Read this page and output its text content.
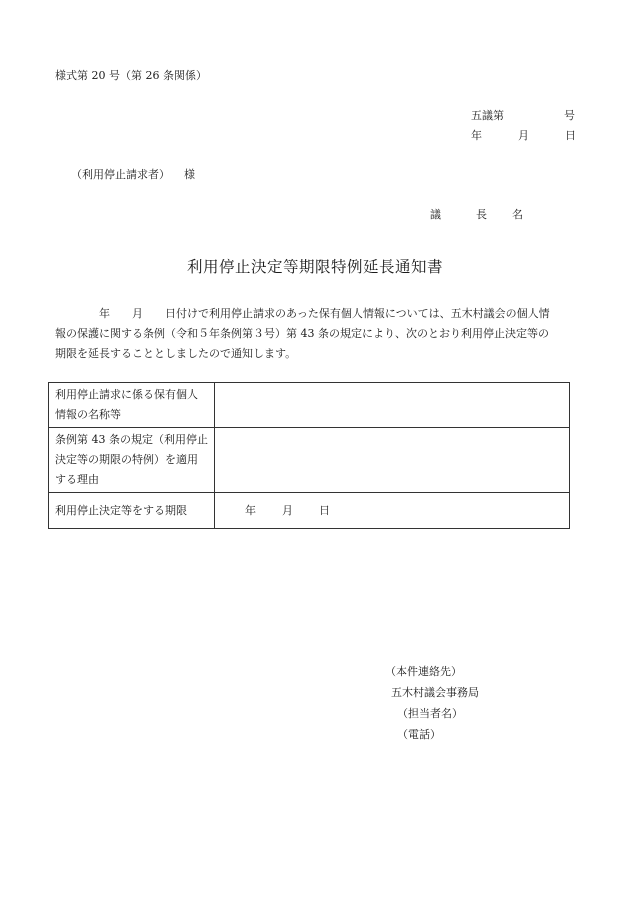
様式第 20 号（第 26 条関係）
五議第	号
年	月	日
（利用停止請求者） 様
議	長 名
利用停止決定等期限特例延長通知書
　　　　年　　月　　日付けで利用停止請求のあった保有個人情報については、五木村議会の個人情
報の保護に関する条例（令和５年条例第３号）第 43 条の規定により、次のとおり利用停止決定等の
期限を延長することとしましたので通知します。
利用停止請求に係る保有個人情報の名称等	
条例第 43 条の規定（利用停止決定等の期限の特例）を適用する理由	
利用停止決定等をする期限	年 月 日
（本件連絡先）
五木村議会事務局
（担当者名）
（電話）
